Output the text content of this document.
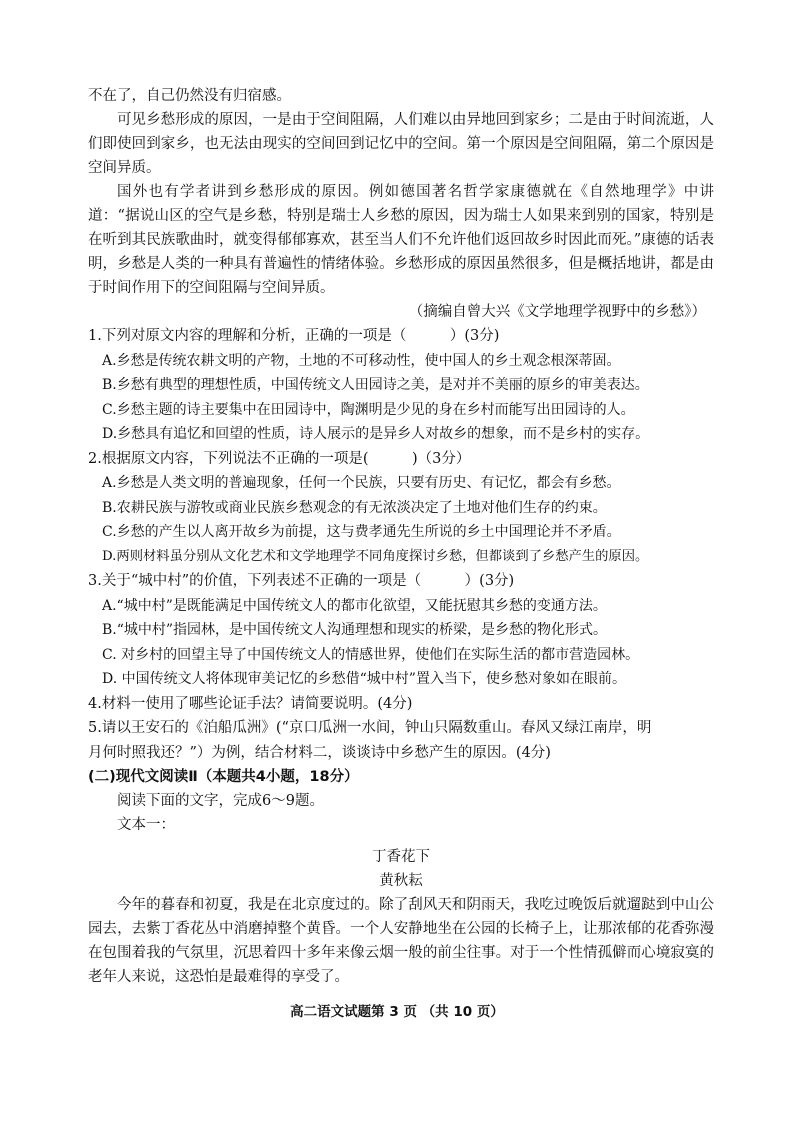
不在了，自己仍然没有归宿感。

可见乡愁形成的原因，一是由于空间阻隔，人们难以由异地回到家乡；二是由于时间流逝，人们即使回到家乡，也无法由现实的空间回到记忆中的空间。第一个原因是空间阻隔，第二个原因是空间异质。

国外也有学者讲到乡愁形成的原因。例如德国著名哲学家康德就在《自然地理学》中讲道：“据说山区的空气是乡愁，特别是瑞士人乡愁的原因，因为瑞士人如果来到别的国家，特别是在听到其民族歌曲时，就变得郁郁寡欢，甚至当人们不允许他们返回故乡时因此而死。”康德的话表明，乡愁是人类的一种具有普遍性的情绪体验。乡愁形成的原因虽然很多，但是概括地讲，都是由于时间作用下的空间阻隔与空间异质。

（摘编自曾大兴《文学地理学视野中的乡愁》）

1.下列对原文内容的理解和分析，正确的一项是（　　　）(3分)

A.乡愁是传统农耕文明的产物，土地的不可移动性，使中国人的乡土观念根深蒂固。

B.乡愁有典型的理想性质，中国传统文人田园诗之美，是对并不美丽的原乡的审美表达。

C.乡愁主题的诗主要集中在田园诗中，陶渊明是少见的身在乡村而能写出田园诗的人。

D.乡愁具有追忆和回望的性质，诗人展示的是异乡人对故乡的想象，而不是乡村的实存。

2.根据原文内容，下列说法不正确的一项是(　　　)（3分）

A.乡愁是人类文明的普遍现象，任何一个民族，只要有历史、有记忆，都会有乡愁。

B.农耕民族与游牧或商业民族乡愁观念的有无浓淡决定了土地对他们生存的约束。

C.乡愁的产生以人离开故乡为前提，这与费孝通先生所说的乡土中国理论并不矛盾。

D.两则材料虽分别从文化艺术和文学地理学不同角度探讨乡愁，但都谈到了乡愁产生的原因。

3.关于“城中村”的价值，下列表述不正确的一项是（　　　）(3分)

A.“城中村”是既能满足中国传统文人的都市化欲望，又能抚慰其乡愁的变通方法。

B.“城中村”指园林，是中国传统文人沟通理想和现实的桥梁，是乡愁的物化形式。

C. 对乡村的回望主导了中国传统文人的情感世界，使他们在实际生活的都市营造园林。

D. 中国传统文人将体现审美记忆的乡愁借“城中村”置入当下，使乡愁对象如在眼前。

4.材料一使用了哪些论证手法？请简要说明。(4分)

5.请以王安石的《泊船瓜洲》(“京口瓜洲一水间，钟山只隔数重山。春风又绿江南岸，明

月何时照我还？”）为例，结合材料二，谈谈诗中乡愁产生的原因。(4分)

(二)现代文阅读Ⅱ（本题共4小题，18分）

阅读下面的文字，完成6～9题。

文本一：

丁香花下

黄秋耘

今年的暮春和初夏，我是在北京度过的。除了刮风天和阴雨天，我吃过晚饭后就遛跶到中山公园去，去紫丁香花丛中消磨掉整个黄昏。一个人安静地坐在公园的长椅子上，让那浓郁的花香弥漫在包围着我的气氛里，沉思着四十多年来像云烟一般的前尘往事。对于一个性情孤僻而心境寂寞的老年人来说，这恐怕是最难得的享受了。

高二语文试题第 3 页 （共 10 页）
